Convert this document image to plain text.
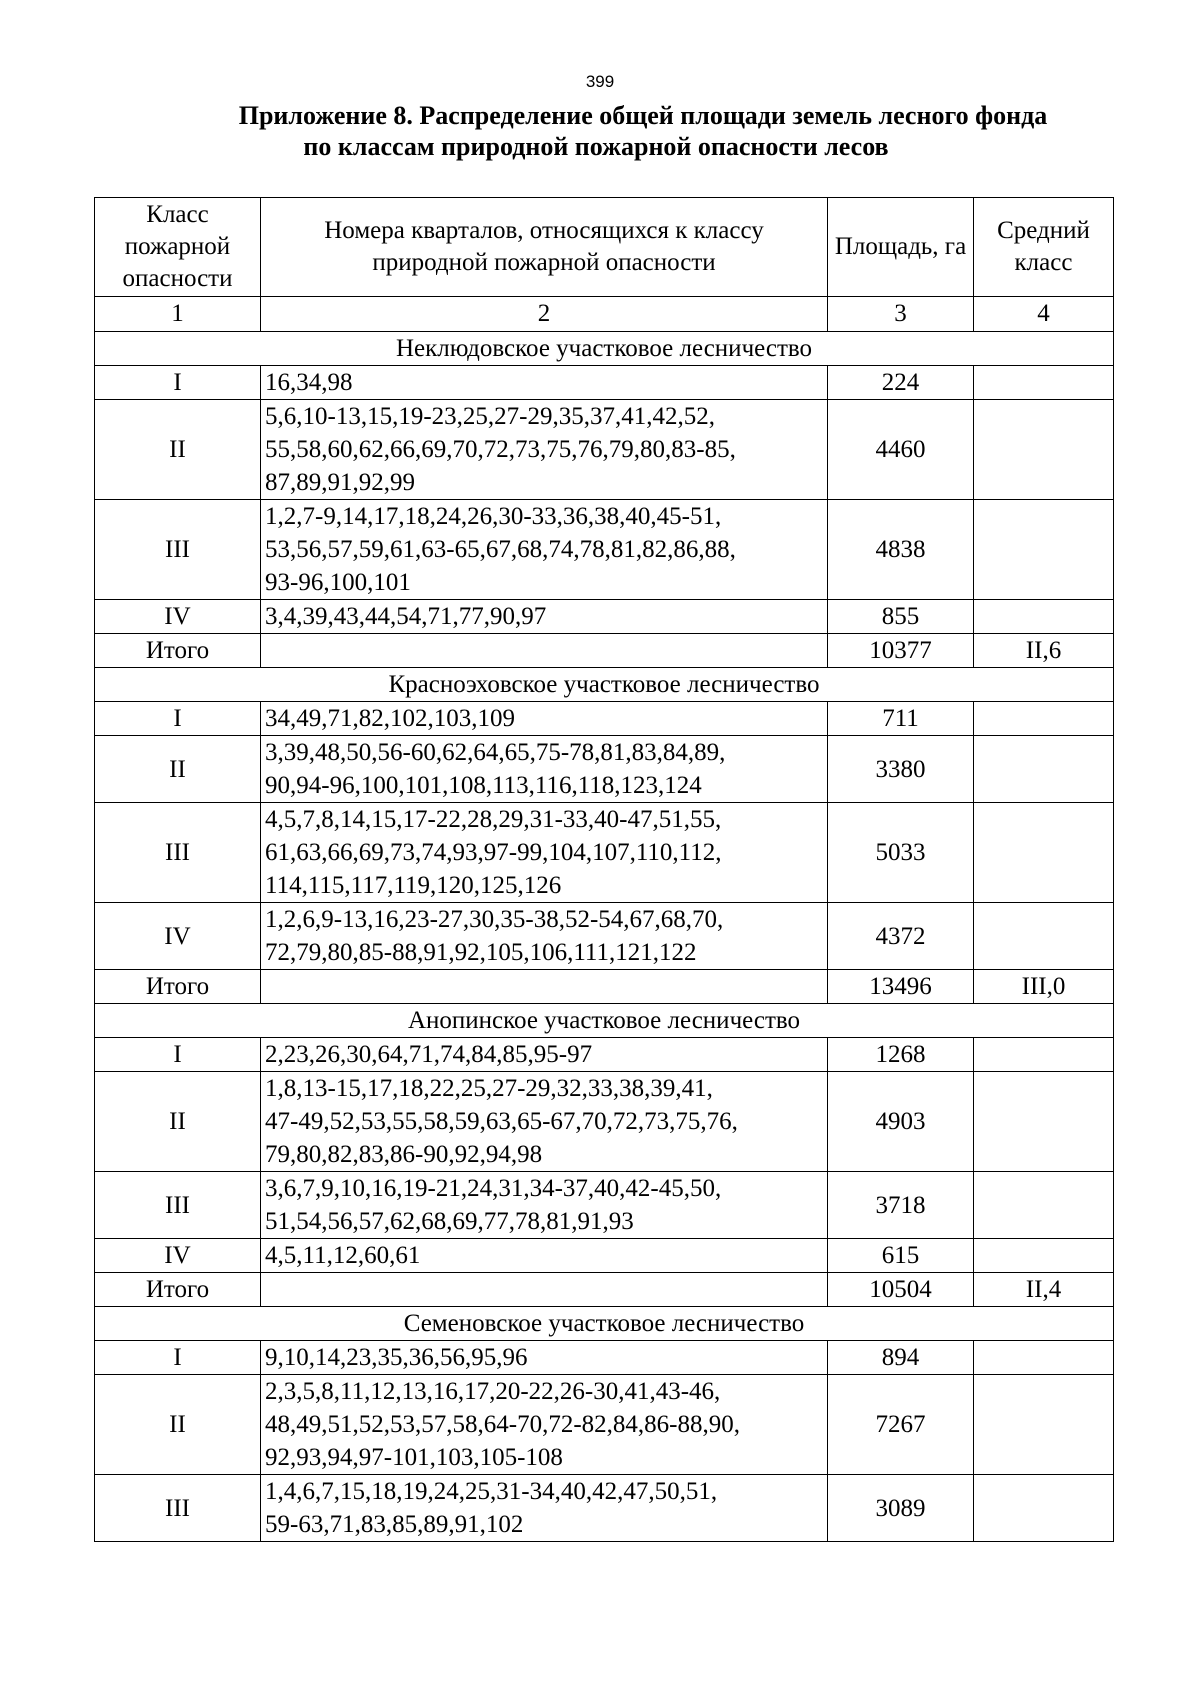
399
Приложение 8. Распределение общей площади земель лесного фонда
по классам природной пожарной опасности лесов
Класс пожарной опасности	Номера кварталов, относящихся к классу природной пожарной опасности	Площадь, га	Средний класс
1	2	3	4
Неклюдовское участковое лесничество			
I	16,34,98	224	
II	5,6,10-13,15,19-23,25,27-29,35,37,41,42,52,
55,58,60,62,66,69,70,72,73,75,76,79,80,83-85,
87,89,91,92,99	4460	
III	1,2,7-9,14,17,18,24,26,30-33,36,38,40,45-51,
53,56,57,59,61,63-65,67,68,74,78,81,82,86,88,
93-96,100,101	4838	
IV	3,4,39,43,44,54,71,77,90,97	855	
Итого		10377	II,6
Красноэховское участковое лесничество			
I	34,49,71,82,102,103,109	711	
II	3,39,48,50,56-60,62,64,65,75-78,81,83,84,89,
90,94-96,100,101,108,113,116,118,123,124	3380	
III	4,5,7,8,14,15,17-22,28,29,31-33,40-47,51,55,
61,63,66,69,73,74,93,97-99,104,107,110,112,
114,115,117,119,120,125,126	5033	
IV	1,2,6,9-13,16,23-27,30,35-38,52-54,67,68,70,
72,79,80,85-88,91,92,105,106,111,121,122	4372	
Итого		13496	III,0
Анопинское участковое лесничество			
I	2,23,26,30,64,71,74,84,85,95-97	1268	
II	1,8,13-15,17,18,22,25,27-29,32,33,38,39,41,
47-49,52,53,55,58,59,63,65-67,70,72,73,75,76,
79,80,82,83,86-90,92,94,98	4903	
III	3,6,7,9,10,16,19-21,24,31,34-37,40,42-45,50,
51,54,56,57,62,68,69,77,78,81,91,93	3718	
IV	4,5,11,12,60,61	615	
Итого		10504	II,4
Семеновское участковое лесничество			
I	9,10,14,23,35,36,56,95,96	894	
II	2,3,5,8,11,12,13,16,17,20-22,26-30,41,43-46,
48,49,51,52,53,57,58,64-70,72-82,84,86-88,90,
92,93,94,97-101,103,105-108	7267	
III	1,4,6,7,15,18,19,24,25,31-34,40,42,47,50,51,
59-63,71,83,85,89,91,102	3089	
